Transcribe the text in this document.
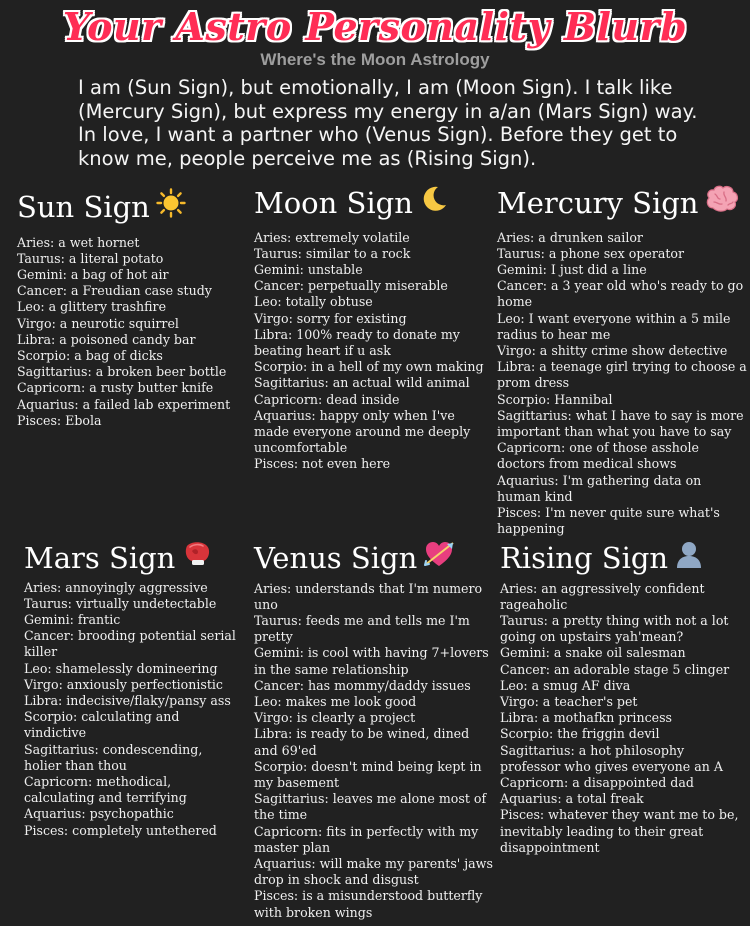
Your Astro Personality Blurb
Where's the Moon Astrology
I am (Sun Sign), but emotionally, I am (Moon Sign). I talk like (Mercury Sign), but express my energy in a/an (Mars Sign) way. In love, I want a partner who (Venus Sign). Before they get to know me, people perceive me as (Rising Sign).
Sun Sign
Aries: a wet hornet
Taurus: a literal potato
Gemini: a bag of hot air
Cancer: a Freudian case study
Leo: a glittery trashfire
Virgo: a neurotic squirrel
Libra: a poisoned candy bar
Scorpio: a bag of dicks
Sagittarius: a broken beer bottle
Capricorn: a rusty butter knife
Aquarius: a failed lab experiment
Pisces: Ebola
Moon Sign
Aries: extremely volatile
Taurus: similar to a rock
Gemini: unstable
Cancer: perpetually miserable
Leo: totally obtuse
Virgo: sorry for existing
Libra: 100% ready to donate my beating heart if u ask
Scorpio: in a hell of my own making
Sagittarius: an actual wild animal
Capricorn: dead inside
Aquarius: happy only when I've made everyone around me deeply uncomfortable
Pisces: not even here
Mercury Sign
Aries: a drunken sailor
Taurus: a phone sex operator
Gemini: I just did a line
Cancer: a 3 year old who's ready to go home
Leo: I want everyone within a 5 mile radius to hear me
Virgo: a shitty crime show detective
Libra: a teenage girl trying to choose a prom dress
Scorpio: Hannibal
Sagittarius: what I have to say is more important than what you have to say
Capricorn: one of those asshole doctors from medical shows
Aquarius: I'm gathering data on human kind
Pisces: I'm never quite sure what's happening
Mars Sign
Aries: annoyingly aggressive
Taurus: virtually undetectable
Gemini: frantic
Cancer: brooding potential serial killer
Leo: shamelessly domineering
Virgo: anxiously perfectionistic
Libra: indecisive/flaky/pansy ass
Scorpio: calculating and vindictive
Sagittarius: condescending, holier than thou
Capricorn: methodical, calculating and terrifying
Aquarius: psychopathic
Pisces: completely untethered
Venus Sign
Aries: understands that I'm numero uno
Taurus: feeds me and tells me I'm pretty
Gemini: is cool with having 7+lovers in the same relationship
Cancer: has mommy/daddy issues
Leo: makes me look good
Virgo: is clearly a project
Libra: is ready to be wined, dined and 69'ed
Scorpio: doesn't mind being kept in my basement
Sagittarius: leaves me alone most of the time
Capricorn: fits in perfectly with my master plan
Aquarius: will make my parents' jaws drop in shock and disgust
Pisces: is a misunderstood butterfly with broken wings
Rising Sign
Aries: an aggressively confident rageaholic
Taurus: a pretty thing with not a lot going on upstairs yah'mean?
Gemini: a snake oil salesman
Cancer: an adorable stage 5 clinger
Leo: a smug AF diva
Virgo: a teacher's pet
Libra: a mothafkn princess
Scorpio: the friggin devil
Sagittarius: a hot philosophy professor who gives everyone an A
Capricorn: a disappointed dad
Aquarius: a total freak
Pisces: whatever they want me to be, inevitably leading to their great disappointment
